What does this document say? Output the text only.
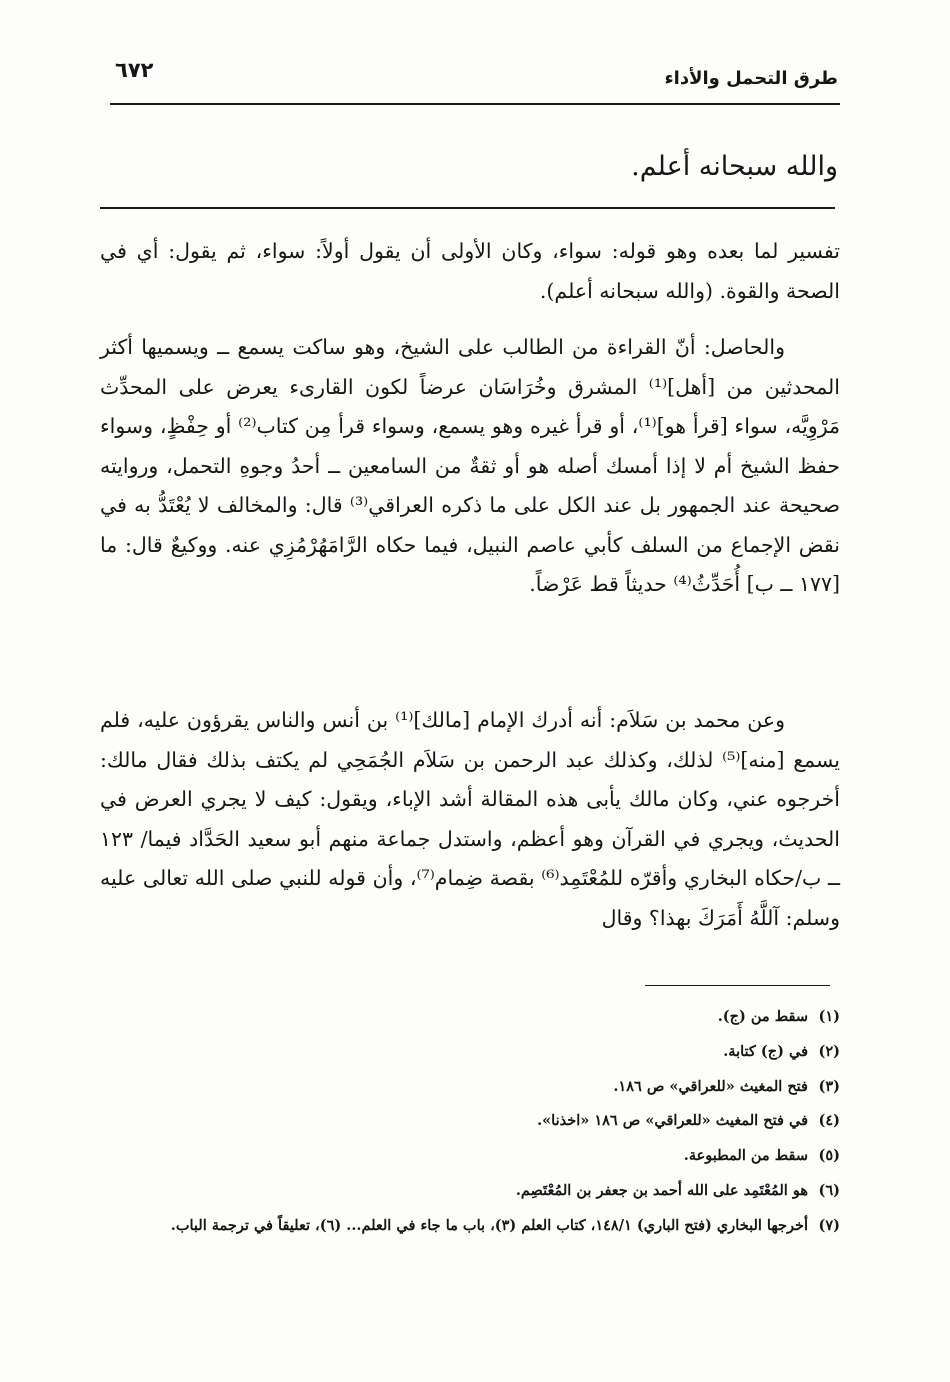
٦٧٢	طرق التحمل والأداء
والله سبحانه أعلم.

تفسير لما بعده وهو قوله: سواء، وكان الأولى أن يقول أولاً: سواء، ثم يقول: أي في الصحة والقوة. (والله سبحانه أعلم).

والحاصل: أنّ القراءة من الطالب على الشيخ، وهو ساكت يسمع ــ ويسميها أكثر المحدثين من [أهل]⁽¹⁾ المشرق وخُرَاسَان عرضاً لكون القارىء يعرض على المحدِّث مَرْوِيَّه، سواء [قرأ هو]⁽¹⁾، أو قرأ غيره وهو يسمع، وسواء قرأ مِن كتاب⁽²⁾ أو حِفْظٍ، وسواء حفظ الشيخ أم لا إذا أمسك أصله هو أو ثقةٌ من السامعين ــ أحدُ وجوهِ التحمل، وروايته صحيحة عند الجمهور بل عند الكل على ما ذكره العراقي⁽³⁾ قال: والمخالف لا يُعْتَدُّ به في نقض الإجماع من السلف كأبي عاصم النبيل، فيما حكاه الرَّامَهُرْمُزِي عنه. ووكيعٌ قال: ما [١٧٧ ــ ب] أُحَدِّثُ⁽⁴⁾ حديثاً قط عَرْضاً.

وعن محمد بن سَلاَم: أنه أدرك الإمام [مالك]⁽¹⁾ بن أنس والناس يقرؤون عليه، فلم يسمع [منه]⁽⁵⁾ لذلك، وكذلك عبد الرحمن بن سَلاَم الجُمَحِي لم يكتف بذلك فقال مالك: أخرجوه عني، وكان مالك يأبى هذه المقالة أشد الإباء، ويقول: كيف لا يجري العرض في الحديث، ويجري في القرآن وهو أعظم، واستدل جماعة منهم أبو سعيد الحَدَّاد فيما/ ١٢٣ ــ ب/حكاه البخاري وأقرّه للمُعْتَمِد⁽⁶⁾ بقصة ضِمام⁽⁷⁾، وأن قوله للنبي صلى الله تعالى عليه وسلم: آللَّهُ أَمَرَكَ بهذا؟ وقال

(١)سقط من (ج).
(٢)في (ج) كتابة.
(٣)فتح المغيث «للعراقي» ص ١٨٦.
(٤)في فتح المغيث «للعراقي» ص ١٨٦ «اخذنا».
(٥)سقط من المطبوعة.
(٦)هو المُعْتَمِد على الله أحمد بن جعفر بن المُعْتَصِم.
(٧)أخرجها البخاري (فتح الباري) ١٤٨/١، كتاب العلم (٣)، باب ما جاء في العلم... (٦)، تعليقاً في ترجمة الباب.
